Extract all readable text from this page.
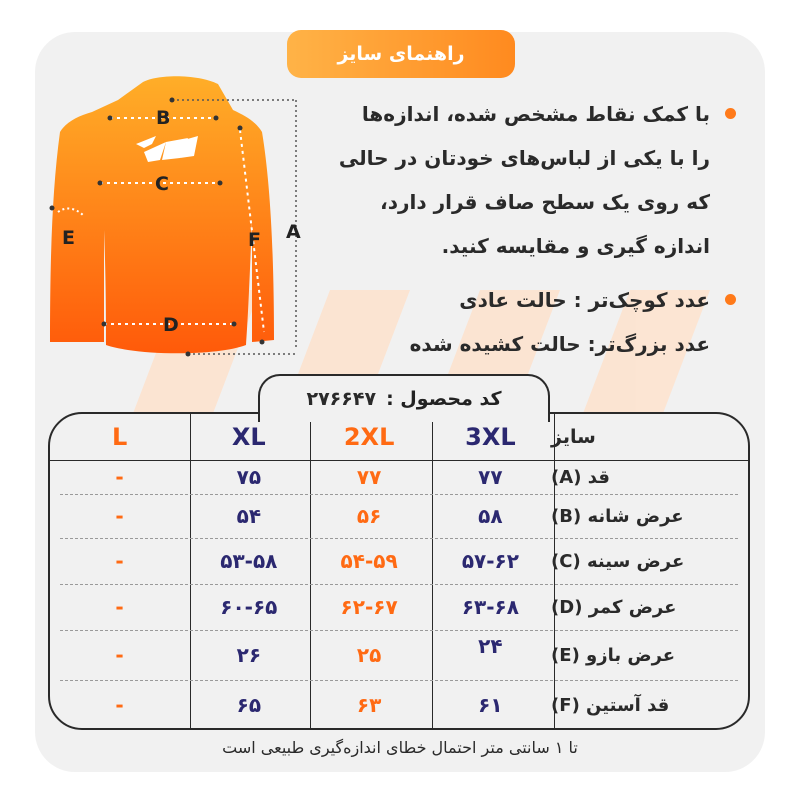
راهنمای سایز
B
C
D
E	F A
با کمک نقاط مشخص شده، اندازه‌ها
را با یکی از لباس‌های خودتان در حالی
که روی یک سطح صاف قرار دارد،
اندازه گیری و مقایسه کنید.
عدد کوچک‌تر : حالت عادی
عدد بزرگ‌تر: حالت کشیده شده
کد محصول :
۲۷۶۶۴۷
L	XL	2XL	3XL	سایز
-	۷۵	۷۷	۷۷	قد (A)
-	۵۴	۵۶	۵۸	عرض شانه (B)
-	۵۳-۵۸	۵۴-۵۹	۵۷-۶۲	عرض سینه (C)
-	۶۰-۶۵	۶۲-۶۷	۶۳-۶۸	عرض کمر (D)
-	۲۶	۲۵	۲۴	عرض بازو (E)
-	۶۵	۶۳	۶۱	قد آستین (F)
تا ۱ سانتی متر احتمال خطای اندازه‌گیری طبیعی است
